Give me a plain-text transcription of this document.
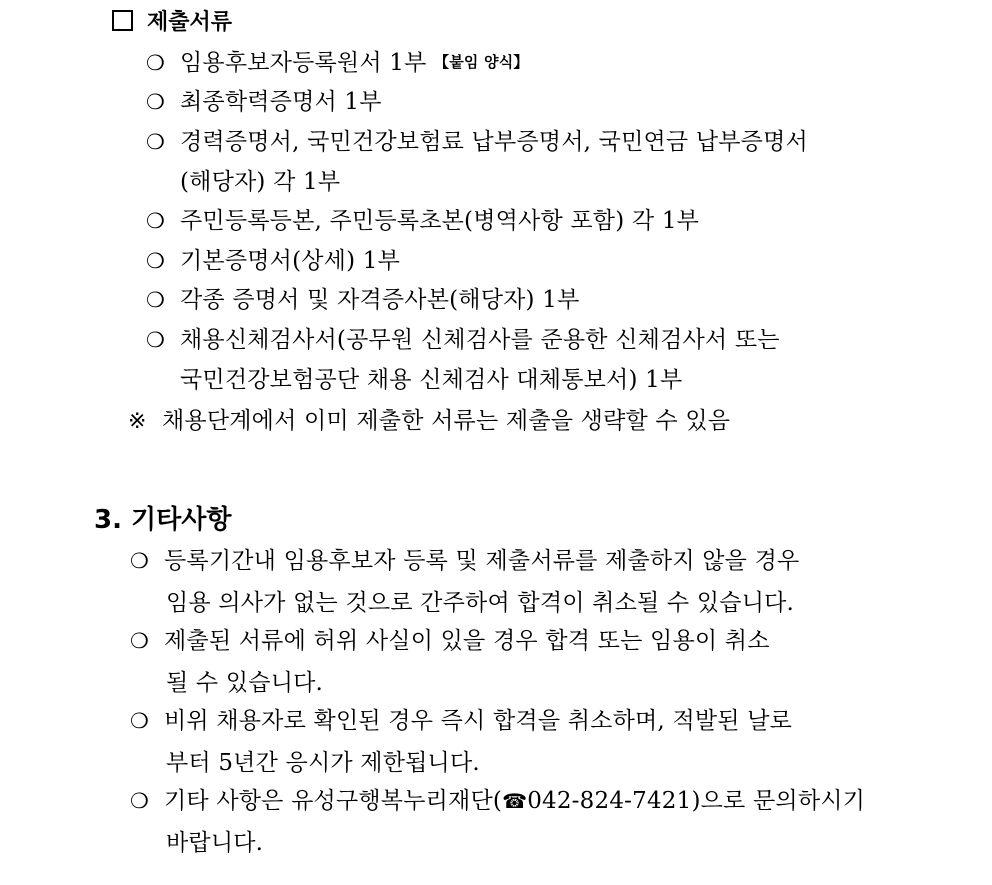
제출서류
❍ 임용후보자등록원서 1부 【붙임 양식】
❍ 최종학력증명서 1부
❍ 경력증명서, 국민건강보험료 납부증명서, 국민연금 납부증명서
(해당자) 각 1부
❍ 주민등록등본, 주민등록초본(병역사항 포함) 각 1부
❍ 기본증명서(상세) 1부
❍ 각종 증명서 및 자격증사본(해당자) 1부
❍ 채용신체검사서(공무원 신체검사를 준용한 신체검사서 또는
국민건강보험공단 채용 신체검사 대체통보서) 1부
※ 채용단계에서 이미 제출한 서류는 제출을 생략할 수 있음
3. 기타사항
❍ 등록기간내 임용후보자 등록 및 제출서류를 제출하지 않을 경우
임용 의사가 없는 것으로 간주하여 합격이 취소될 수 있습니다.
❍ 제출된 서류에 허위 사실이 있을 경우 합격 또는 임용이 취소
될 수 있습니다.
❍ 비위 채용자로 확인된 경우 즉시 합격을 취소하며, 적발된 날로
부터 5년간 응시가 제한됩니다.
❍ 기타 사항은 유성구행복누리재단(☎042-824-7421)으로 문의하시기
바랍니다.
